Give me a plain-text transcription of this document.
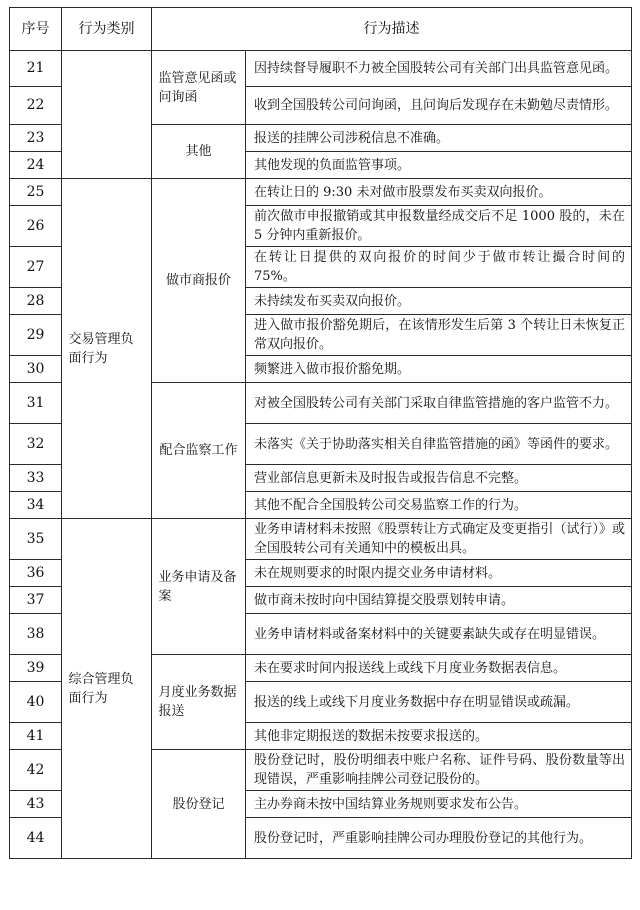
序号	行为类别	行为描述	
21		监管意见函或问询函	因持续督导履职不力被全国股转公司有关部门出具监管意见函。
22			收到全国股转公司问询函，且问询后发现存在未勤勉尽责情形。
23		其他	报送的挂牌公司涉税信息不准确。
24			其他发现的负面监管事项。
25	交易管理负面行为	做市商报价	在转让日的 9:30 未对做市股票发布买卖双向报价。
26			前次做市申报撤销或其申报数量经成交后不足 1000 股的，未在 5 分钟内重新报价。
27			在转让日提供的双向报价的时间少于做市转让撮合时间的 75%。
28			未持续发布买卖双向报价。
29			进入做市报价豁免期后，在该情形发生后第 3 个转让日未恢复正常双向报价。
30			频繁进入做市报价豁免期。
31		配合监察工作	对被全国股转公司有关部门采取自律监管措施的客户监管不力。
32			未落实《关于协助落实相关自律监管措施的函》等函件的要求。
33			营业部信息更新未及时报告或报告信息不完整。
34			其他不配合全国股转公司交易监察工作的行为。
35	综合管理负面行为	业务申请及备案	业务申请材料未按照《股票转让方式确定及变更指引（试行）》或全国股转公司有关通知中的模板出具。
36			未在规则要求的时限内提交业务申请材料。
37			做市商未按时向中国结算提交股票划转申请。
38			业务申请材料或备案材料中的关键要素缺失或存在明显错误。
39		月度业务数据报送	未在要求时间内报送线上或线下月度业务数据表信息。
40			报送的线上或线下月度业务数据中存在明显错误或疏漏。
41			其他非定期报送的数据未按要求报送的。
42		股份登记	股份登记时，股份明细表中账户名称、证件号码、股份数量等出现错误，严重影响挂牌公司登记股份的。
43			主办券商未按中国结算业务规则要求发布公告。
44			股份登记时，严重影响挂牌公司办理股份登记的其他行为。
